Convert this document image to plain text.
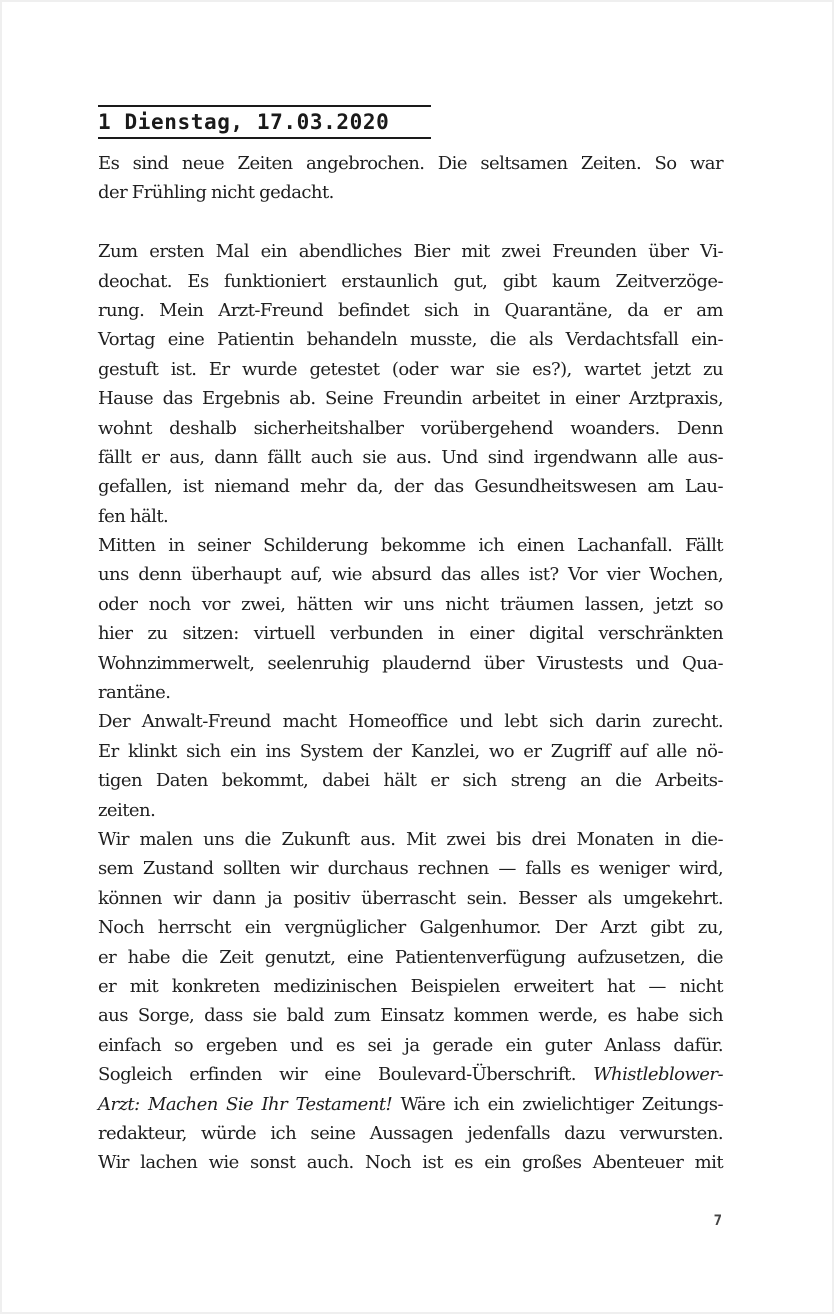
1 Dienstag, 17.03.2020
Es sind neue Zeiten angebrochen. Die seltsamen Zeiten. So war
der Frühling nicht gedacht.
Zum ersten Mal ein abendliches Bier mit zwei Freunden über Vi-
deochat. Es funktioniert erstaunlich gut, gibt kaum Zeitverzöge-
rung. Mein Arzt-Freund befindet sich in Quarantäne, da er am
Vortag eine Patientin behandeln musste, die als Verdachtsfall ein-
gestuft ist. Er wurde getestet (oder war sie es?), wartet jetzt zu
Hause das Ergebnis ab. Seine Freundin arbeitet in einer Arztpraxis,
wohnt deshalb sicherheitshalber vorübergehend woanders. Denn
fällt er aus, dann fällt auch sie aus. Und sind irgendwann alle aus-
gefallen, ist niemand mehr da, der das Gesundheitswesen am Lau-
fen hält.
Mitten in seiner Schilderung bekomme ich einen Lachanfall. Fällt
uns denn überhaupt auf, wie absurd das alles ist? Vor vier Wochen,
oder noch vor zwei, hätten wir uns nicht träumen lassen, jetzt so
hier zu sitzen: virtuell verbunden in einer digital verschränkten
Wohnzimmerwelt, seelenruhig plaudernd über Virustests und Qua-
rantäne.
Der Anwalt-Freund macht Homeoffice und lebt sich darin zurecht.
Er klinkt sich ein ins System der Kanzlei, wo er Zugriff auf alle nö-
tigen Daten bekommt, dabei hält er sich streng an die Arbeits-
zeiten.
Wir malen uns die Zukunft aus. Mit zwei bis drei Monaten in die-
sem Zustand sollten wir durchaus rechnen — falls es weniger wird,
können wir dann ja positiv überrascht sein. Besser als umgekehrt.
Noch herrscht ein vergnüglicher Galgenhumor. Der Arzt gibt zu,
er habe die Zeit genutzt, eine Patientenverfügung aufzusetzen, die
er mit konkreten medizinischen Beispielen erweitert hat — nicht
aus Sorge, dass sie bald zum Einsatz kommen werde, es habe sich
einfach so ergeben und es sei ja gerade ein guter Anlass dafür.
Sogleich erfinden wir eine Boulevard-Überschrift. Whistleblower-
Arzt: Machen Sie Ihr Testament! Wäre ich ein zwielichtiger Zeitungs-
redakteur, würde ich seine Aussagen jedenfalls dazu verwursten.
Wir lachen wie sonst auch. Noch ist es ein großes Abenteuer mit
7
